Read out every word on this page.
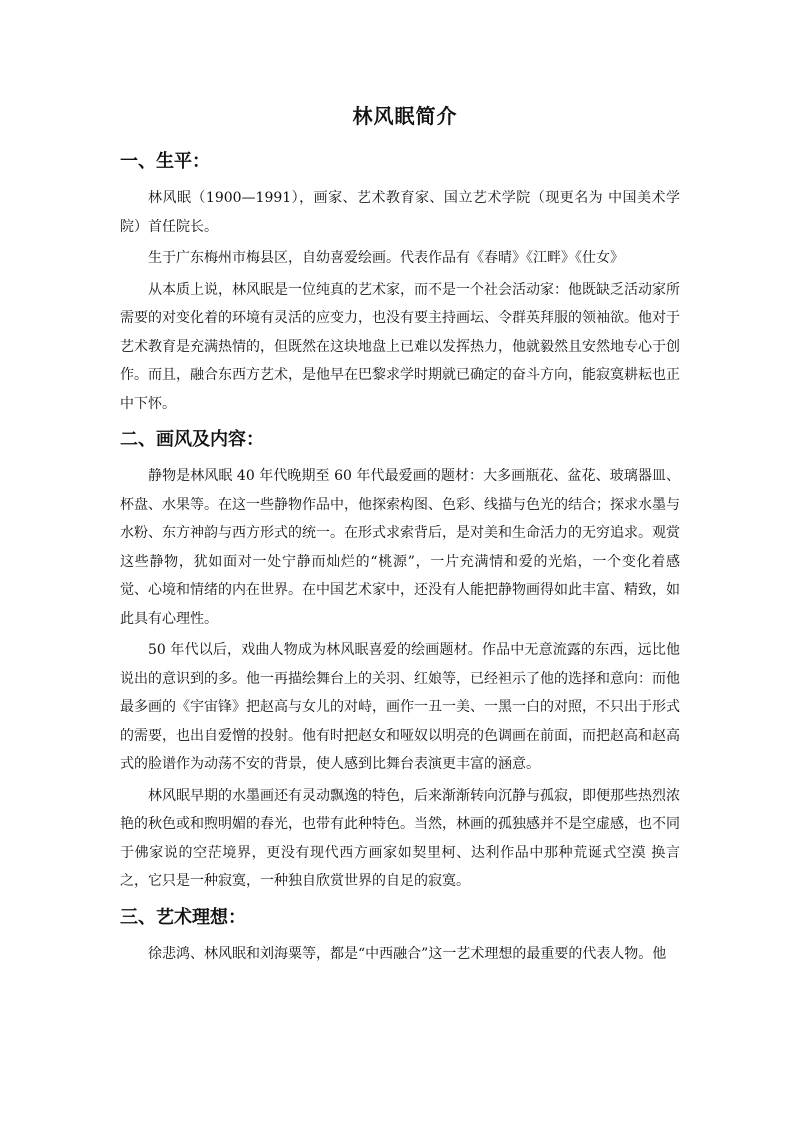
林风眠简介
一、生平：

林风眠（1900—1991），画家、艺术教育家、国立艺术学院（现更名为 中国美术学院）首任院长。

生于广东梅州市梅县区，自幼喜爱绘画。代表作品有《春晴》《江畔》《仕女》

从本质上说，林风眠是一位纯真的艺术家，而不是一个社会活动家：他既缺乏活动家所需要的对变化着的环境有灵活的应变力，也没有要主持画坛、令群英拜服的领袖欲。他对于艺术教育是充满热情的，但既然在这块地盘上已难以发挥热力，他就毅然且安然地专心于创作。而且，融合东西方艺术，是他早在巴黎求学时期就已确定的奋斗方向，能寂寞耕耘也正中下怀。

二、画风及内容：

静物是林风眠 40 年代晚期至 60 年代最爱画的题材：大多画瓶花、盆花、玻璃器皿、杯盘、水果等。在这一些静物作品中，他探索构图、色彩、线描与色光的结合；探求水墨与水粉、东方神韵与西方形式的统一。在形式求索背后，是对美和生命活力的无穷追求。观赏这些静物，犹如面对一处宁静而灿烂的“桃源”，一片充满情和爱的光焰，一个变化着感觉、心境和情绪的内在世界。在中国艺术家中，还没有人能把静物画得如此丰富、精致，如此具有心理性。

50 年代以后，戏曲人物成为林风眠喜爱的绘画题材。作品中无意流露的东西，远比他说出的意识到的多。他一再描绘舞台上的关羽、红娘等，已经袒示了他的选择和意向：而他最多画的《宇宙锋》把赵高与女儿的对峙，画作一丑一美、一黑一白的对照，不只出于形式的需要，也出自爱憎的投射。他有时把赵女和哑奴以明亮的色调画在前面，而把赵高和赵高式的脸谱作为动荡不安的背景，使人感到比舞台表演更丰富的涵意。

林风眠早期的水墨画还有灵动飘逸的特色，后来渐渐转向沉静与孤寂，即便那些热烈浓艳的秋色或和煦明媚的春光，也带有此种特色。当然，林画的孤独感并不是空虚感，也不同于佛家说的空茫境界，更没有现代西方画家如契里柯、达利作品中那种荒诞式空漠 换言之，它只是一种寂寞，一种独自欣赏世界的自足的寂寞。

三、艺术理想：

徐悲鸿、林风眠和刘海粟等，都是“中西融合”这一艺术理想的最重要的代表人物。他
